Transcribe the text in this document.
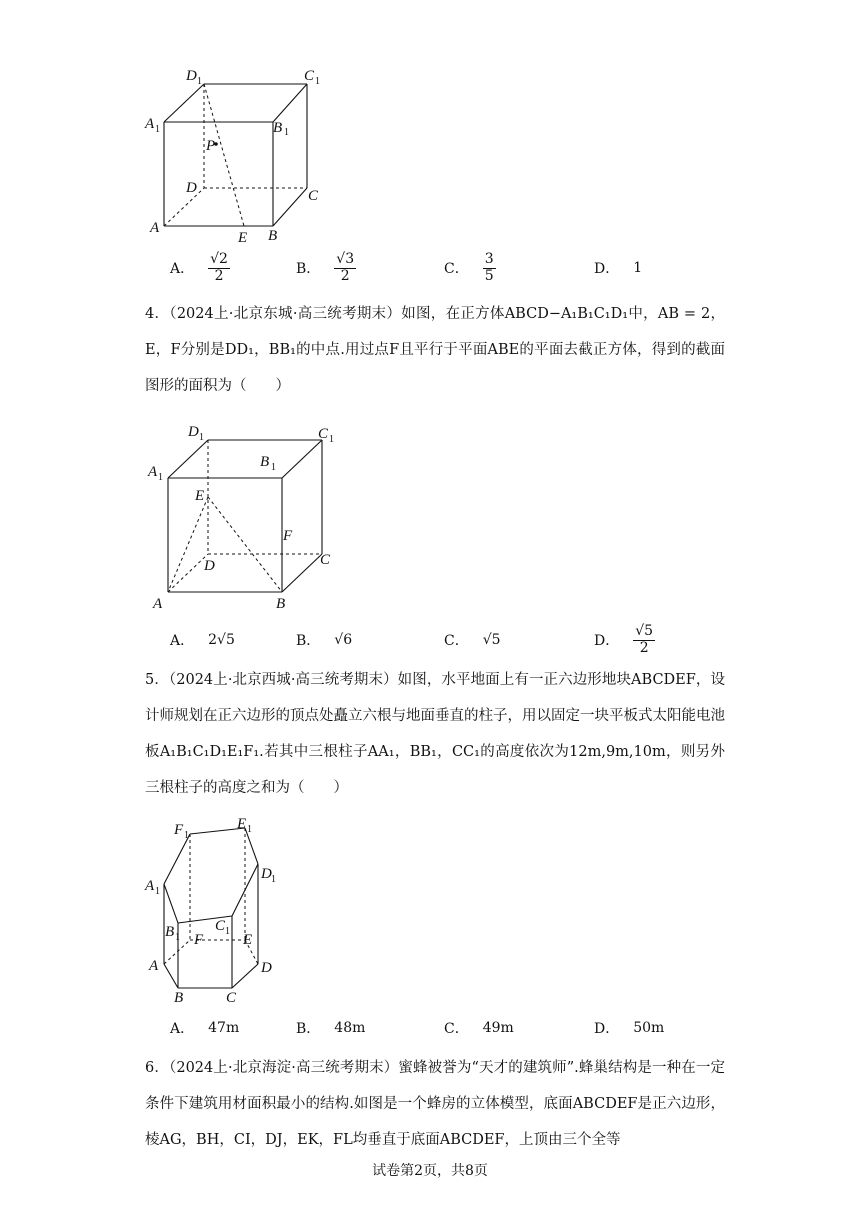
D 1	C 1
A 1	B 1
P
D	C
A
E B
A． $\frac{√2}{2}$	B． $\frac{√3}{2}$	C． $\frac{3}{5}$	D． 1

4．（2024上·北京东城·高三统考期末）如图，在正方体ABCD−A₁B₁C₁D₁中，AB = 2，E，F分别是DD₁，BB₁的中点.用过点F且平行于平面ABE的平面去截正方体，得到的截面图形的面积为（　　）

D 1	C 1
A 1
B 1
E
F
D	C
A	B
A． 2√5	B． √6	C． √5	D． $\frac{√5}{2}$

5．（2024上·北京西城·高三统考期末）如图，水平地面上有一正六边形地块ABCDEF，设计师规划在正六边形的顶点处矗立六根与地面垂直的柱子，用以固定一块平板式太阳能电池板A₁B₁C₁D₁E₁F₁.若其中三根柱子AA₁，BB₁，CC₁的高度依次为12m,9m,10m，则另外三根柱子的高度之和为（　　）

F 1
E 1
A 1
D 1
B 1
C 1
F	E
A	D
B	C
A． 47m	B． 48m	C． 49m	D． 50m

6．（2024上·北京海淀·高三统考期末）蜜蜂被誉为“天才的建筑师”.蜂巢结构是一种在一定条件下建筑用材面积最小的结构.如图是一个蜂房的立体模型，底面ABCDEF是正六边形，棱AG，BH，CI，DJ，EK，FL均垂直于底面ABCDEF，上顶由三个全等

试卷第2页，共8页
